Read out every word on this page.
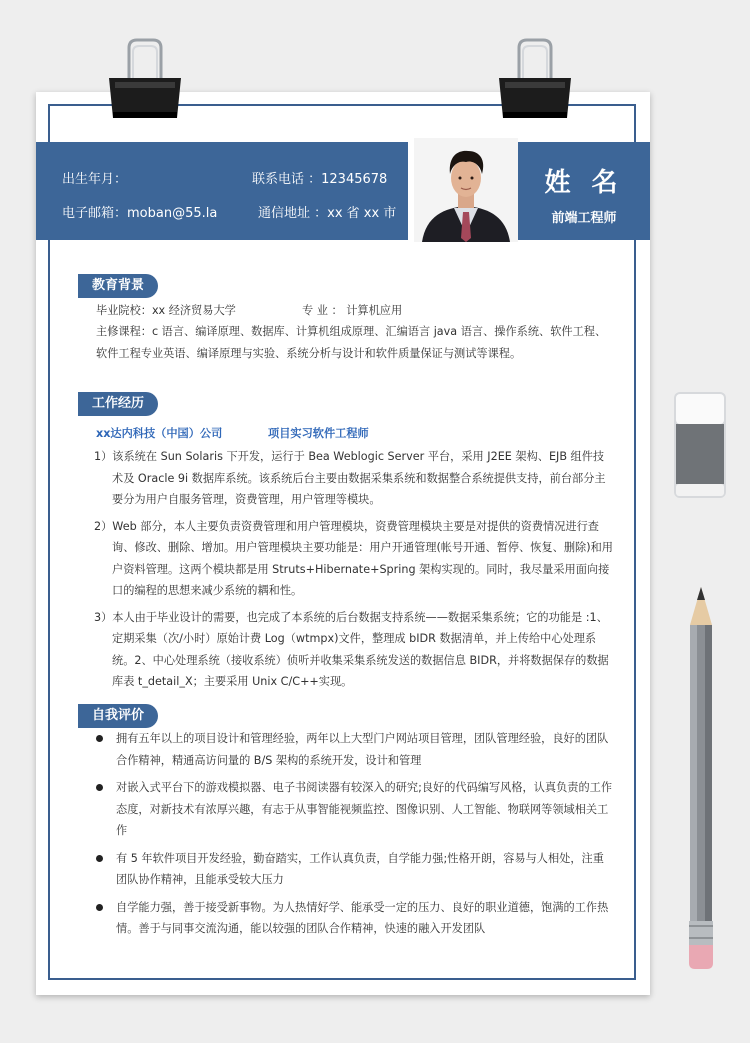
出生年月：	联系电话 ：12345678
电子邮箱：moban@55.la	通信地址 ：xx 省 xx 市
姓 名
前端工程师
教育背景
毕业院校：xx 经济贸易大学	专 业 ： 计算机应用
主修课程：c 语言、编译原理、数据库、计算机组成原理、汇编语言 java 语言、操作系统、软件工程、
软件工程专业英语、编译原理与实验、系统分析与设计和软件质量保证与测试等课程。
工作经历
xx达内科技（中国）公司	项目实习软件工程师

1）该系统在 Sun Solaris 下开发，运行于 Bea Weblogic Server 平台，采用 J2EE 架构、EJB 组件技术及 Oracle 9i 数据库系统。该系统后台主要由数据采集系统和数据整合系统提供支持，前台部分主要分为用户自服务管理，资费管理，用户管理等模块。

2）Web 部分，本人主要负责资费管理和用户管理模块，资费管理模块主要是对提供的资费情况进行查询、修改、删除、增加。用户管理模块主要功能是：用户开通管理(帐号开通、暂停、恢复、删除)和用户资料管理。这两个模块都是用 Struts+Hibernate+Spring 架构实现的。同时，我尽量采用面向接口的编程的思想来减少系统的耦和性。

3）本人由于毕业设计的需要，也完成了本系统的后台数据支持系统——数据采集系统；它的功能是 :1、定期采集（次/小时）原始计费 Log（wtmpx)文件，整理成 bIDR 数据清单，并上传给中心处理系统。2、中心处理系统（接收系统）侦听并收集采集系统发送的数据信息 BIDR，并将数据保存的数据库表 t_detail_X；主要采用 Unix C/C++实现。

自我评价

拥有五年以上的项目设计和管理经验，两年以上大型门户网站项目管理，团队管理经验，良好的团队合作精神，精通高访问量的 B/S 架构的系统开发，设计和管理

对嵌入式平台下的游戏模拟器、电子书阅读器有较深入的研究;良好的代码编写风格，认真负责的工作态度，对新技术有浓厚兴趣，有志于从事智能视频监控、图像识别、人工智能、物联网等领域相关工作

有 5 年软件项目开发经验，勤奋踏实，工作认真负责，自学能力强;性格开朗，容易与人相处，注重团队协作精神，且能承受较大压力

自学能力强，善于接受新事物。为人热情好学、能承受一定的压力、良好的职业道德，饱满的工作热情。善于与同事交流沟通，能以较强的团队合作精神，快速的融入开发团队
